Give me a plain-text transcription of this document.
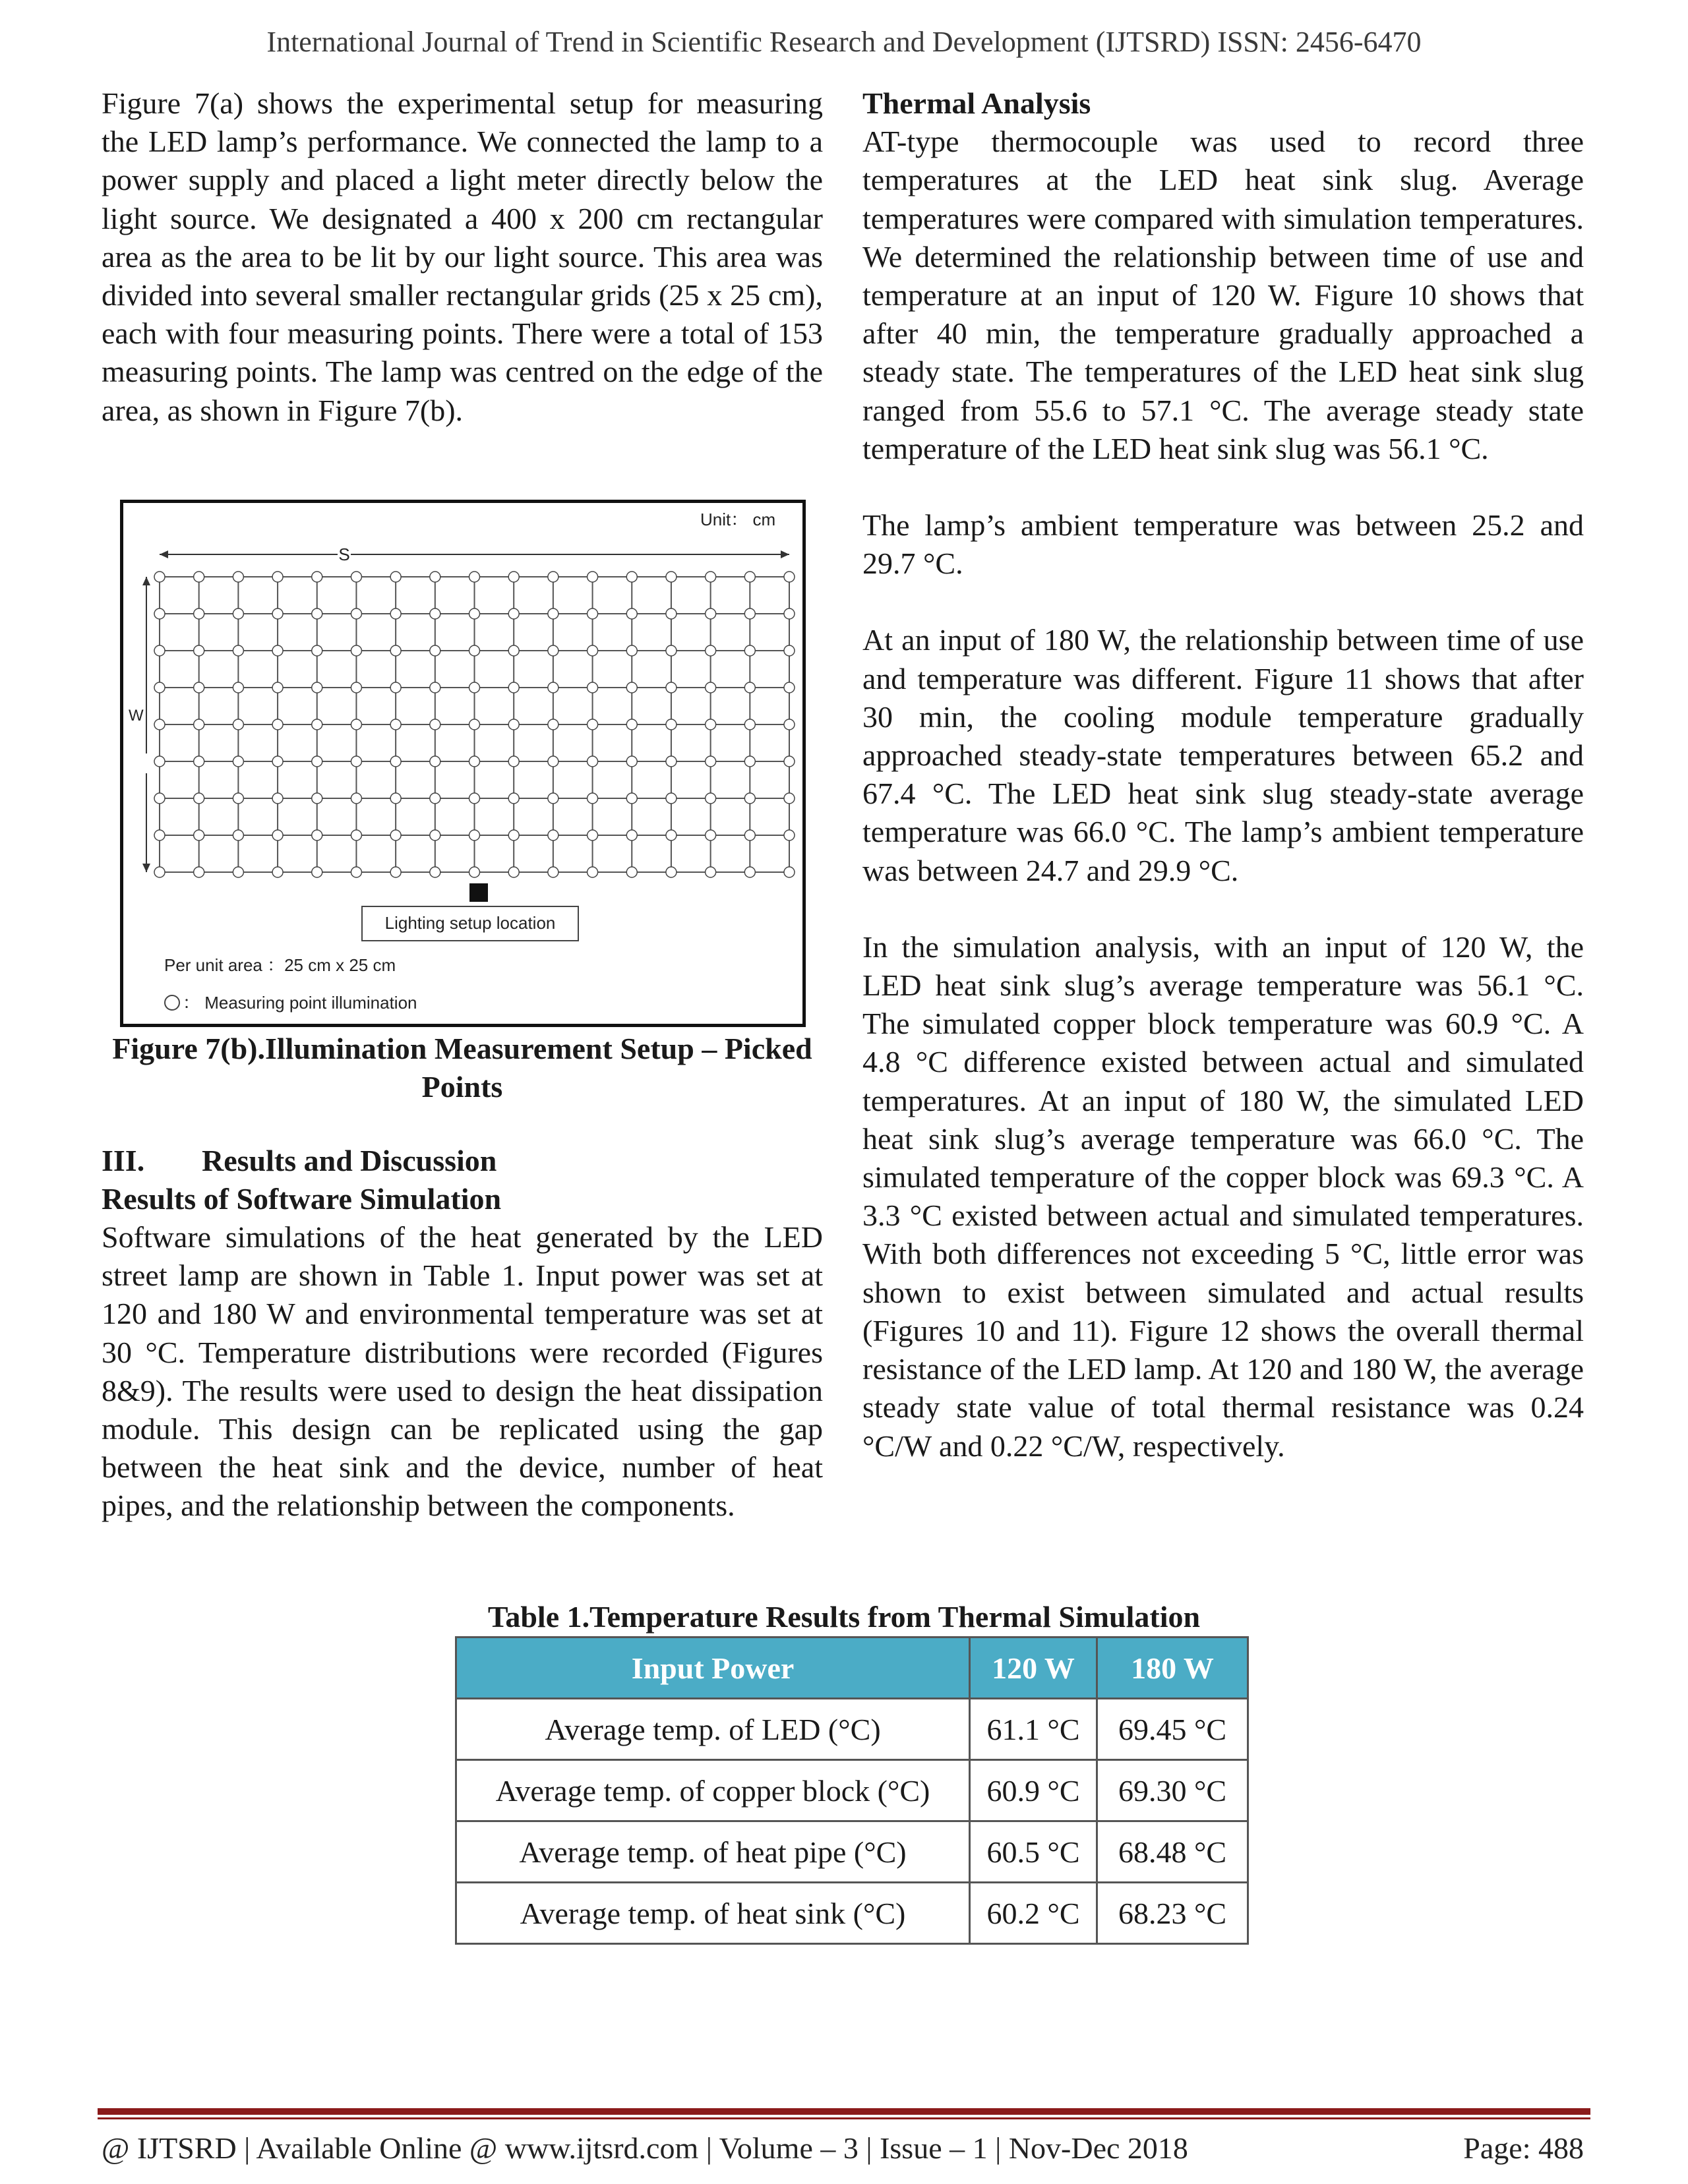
International Journal of Trend in Scientific Research and Development (IJTSRD) ISSN: 2456-6470

Figure 7(a) shows the experimental setup for measuring the LED lamp’s performance. We connected the lamp to a power supply and placed a light meter directly below the light source. We designated a 400 x 200 cm rectangular area as the area to be lit by our light source. This area was divided into several smaller rectangular grids (25 x 25 cm), each with four measuring points. There were a total of 153 measuring points. The lamp was centred on the edge of the area, as shown in Figure 7(b).

Unit： cm
S
W
Lighting setup location
Per unit area ：25 cm x 25 cm
： Measuring point illumination
Figure 7(b).Illumination Measurement Setup – Picked Points
III. Results and Discussion
Results of Software Simulation

Software simulations of the heat generated by the LED street lamp are shown in Table 1. Input power was set at 120 and 180 W and environmental temperature was set at 30 °C. Temperature distributions were recorded (Figures 8&9). The results were used to design the heat dissipation module. This design can be replicated using the gap between the heat sink and the device, number of heat pipes, and the relationship between the components.

Thermal Analysis

AT-type thermocouple was used to record three temperatures at the LED heat sink slug. Average temperatures were compared with simulation temperatures. We determined the relationship between time of use and temperature at an input of 120 W. Figure 10 shows that after 40 min, the temperature gradually approached a steady state. The temperatures of the LED heat sink slug ranged from 55.6 to 57.1 °C. The average steady state temperature of the LED heat sink slug was 56.1 °C.

The lamp’s ambient temperature was between 25.2 and 29.7 °C.

At an input of 180 W, the relationship between time of use and temperature was different. Figure 11 shows that after 30 min, the cooling module temperature gradually approached steady-state temperatures between 65.2 and 67.4 °C. The LED heat sink slug steady-state average temperature was 66.0 °C. The lamp’s ambient temperature was between 24.7 and 29.9 °C.

In the simulation analysis, with an input of 120 W, the LED heat sink slug’s average temperature was 56.1 °C. The simulated copper block temperature was 60.9 °C. A 4.8 °C difference existed between actual and simulated temperatures. At an input of 180 W, the simulated LED heat sink slug’s average temperature was 66.0 °C. The simulated temperature of the copper block was 69.3 °C. A 3.3 °C existed between actual and simulated temperatures. With both differences not exceeding 5 °C, little error was shown to exist between simulated and actual results (Figures 10 and 11). Figure 12 shows the overall thermal resistance of the LED lamp. At 120 and 180 W, the average steady state value of total thermal resistance was 0.24 °C/W and 0.22 °C/W, respectively.

Table 1.Temperature Results from Thermal Simulation
Input Power	120 W	180 W
Average temp. of LED (°C)	61.1 °C	69.45 °C
Average temp. of copper block (°C)	60.9 °C	69.30 °C
Average temp. of heat pipe (°C)	60.5 °C	68.48 °C
Average temp. of heat sink (°C)	60.2 °C	68.23 °C
@ IJTSRD | Available Online @ www.ijtsrd.com | Volume – 3 | Issue – 1 | Nov-Dec 2018	Page: 488
